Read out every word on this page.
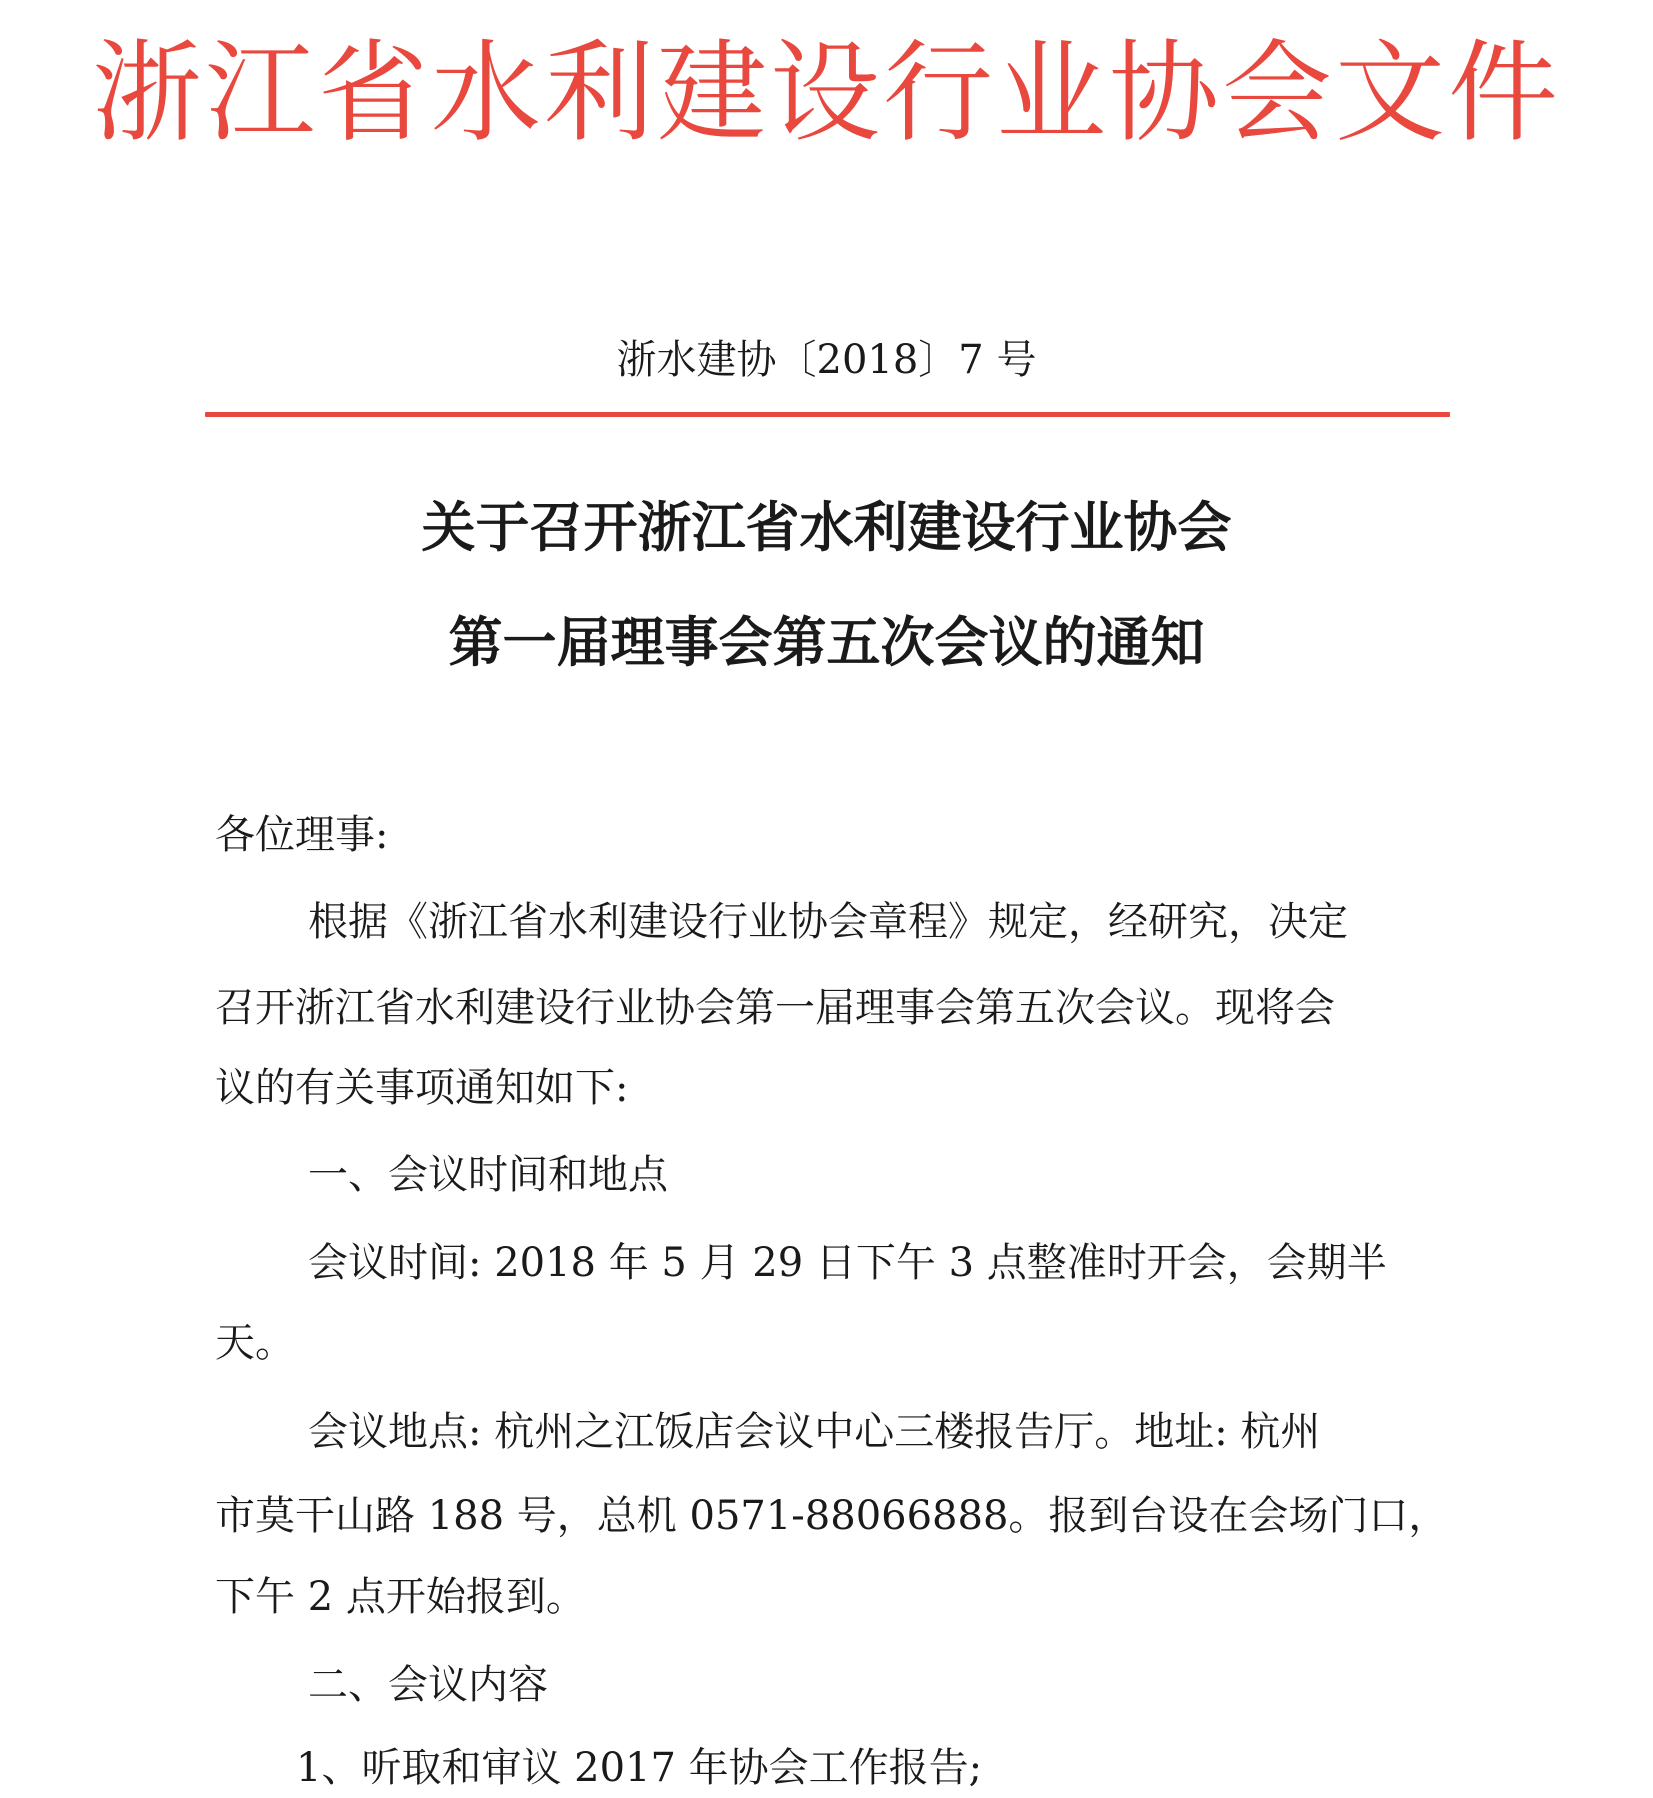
浙江省水利建设行业协会文件
浙水建协〔2018〕7 号
关于召开浙江省水利建设行业协会
第一届理事会第五次会议的通知
各位理事:
根据《浙江省水利建设行业协会章程》规定，经研究，决定
召开浙江省水利建设行业协会第一届理事会第五次会议。现将会
议的有关事项通知如下:
一、会议时间和地点
会议时间: 2018 年 5 月 29 日下午 3 点整准时开会，会期半
天。
会议地点: 杭州之江饭店会议中心三楼报告厅。地址: 杭州
市莫干山路 188 号，总机 0571-88066888。报到台设在会场门口，
下午 2 点开始报到。
二、会议内容
1、听取和审议 2017 年协会工作报告;
